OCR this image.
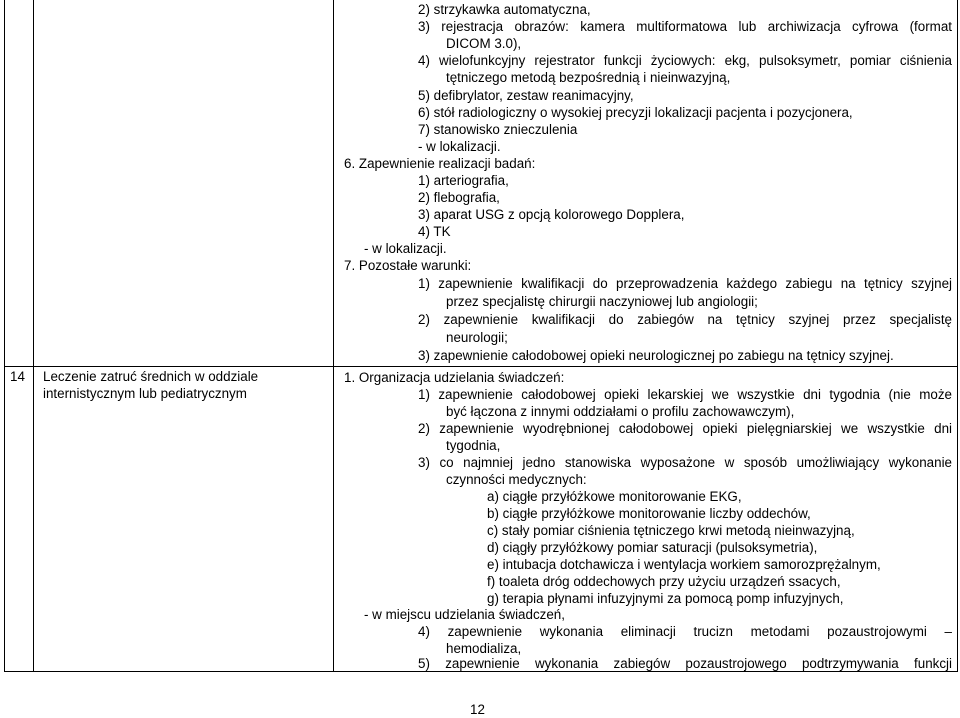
14 Leczenie zatruć średnich w oddziale
internistycznym lub pediatrycznym
2) strzykawka automatyczna,
3) rejestracja obrazów: kamera multiformatowa lub archiwizacja cyfrowa (format
DICOM 3.0),
4) wielofunkcyjny rejestrator funkcji życiowych: ekg, pulsoksymetr, pomiar ciśnienia
tętniczego metodą bezpośrednią i nieinwazyjną,
5) defibrylator, zestaw reanimacyjny,
6) stół radiologiczny o wysokiej precyzji lokalizacji pacjenta i pozycjonera,
7) stanowisko znieczulenia
- w lokalizacji.
6. Zapewnienie realizacji badań:
1) arteriografia,
2) flebografia,
3) aparat USG z opcją kolorowego Dopplera,
4) TK
- w lokalizacji.
7. Pozostałe warunki:
1) zapewnienie kwalifikacji do przeprowadzenia każdego zabiegu na tętnicy szyjnej
przez specjalistę chirurgii naczyniowej lub angiologii;
2) zapewnienie kwalifikacji do zabiegów na tętnicy szyjnej przez specjalistę
neurologii;
3) zapewnienie całodobowej opieki neurologicznej po zabiegu na tętnicy szyjnej.
1. Organizacja udzielania świadczeń:
1) zapewnienie całodobowej opieki lekarskiej we wszystkie dni tygodnia (nie może
być łączona z innymi oddziałami o profilu zachowawczym),
2) zapewnienie wyodrębnionej całodobowej opieki pielęgniarskiej we wszystkie dni
tygodnia,
3) co najmniej jedno stanowiska wyposażone w sposób umożliwiający wykonanie
czynności medycznych:
a) ciągłe przyłóżkowe monitorowanie EKG,
b) ciągłe przyłóżkowe monitorowanie liczby oddechów,
c) stały pomiar ciśnienia tętniczego krwi metodą nieinwazyjną,
d) ciągły przyłóżkowy pomiar saturacji (pulsoksymetria),
e) intubacja dotchawicza i wentylacja workiem samorozprężalnym,
f) toaleta dróg oddechowych przy użyciu urządzeń ssacych,
g) terapia płynami infuzyjnymi za pomocą pomp infuzyjnych,
- w miejscu udzielania świadczeń,
4) zapewnienie wykonania eliminacji trucizn metodami pozaustrojowymi –
hemodializa,
5) zapewnienie wykonania zabiegów pozaustrojowego podtrzymywania funkcji
12
